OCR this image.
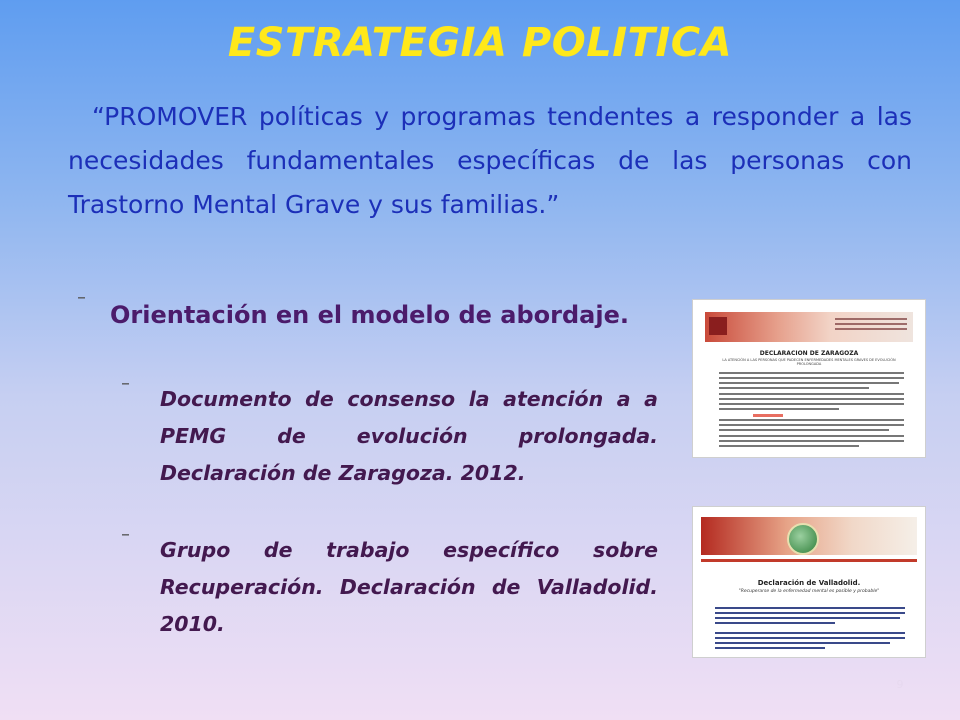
ESTRATEGIA POLITICA
“PROMOVER políticas y programas tendentes a responder a las necesidades fundamentales específicas de las personas con Trastorno Mental Grave y sus familias.”
‾ Orientación en el modelo de abordaje.
‾ Documento de consenso la atención a a PEMG de evolución prolongada. Declaración de Zaragoza. 2012.
‾ Grupo de trabajo específico sobre Recuperación. Declaración de Valladolid. 2010.
DECLARACION DE ZARAGOZA
LA ATENCIÓN A LAS PERSONAS QUE PADECEN ENFERMEDADES MENTALES GRAVES DE EVOLUCIÓN PROLONGADA
Declaración de Valladolid.
"Recuperarse de la enfermedad mental es posible y probable"
9
